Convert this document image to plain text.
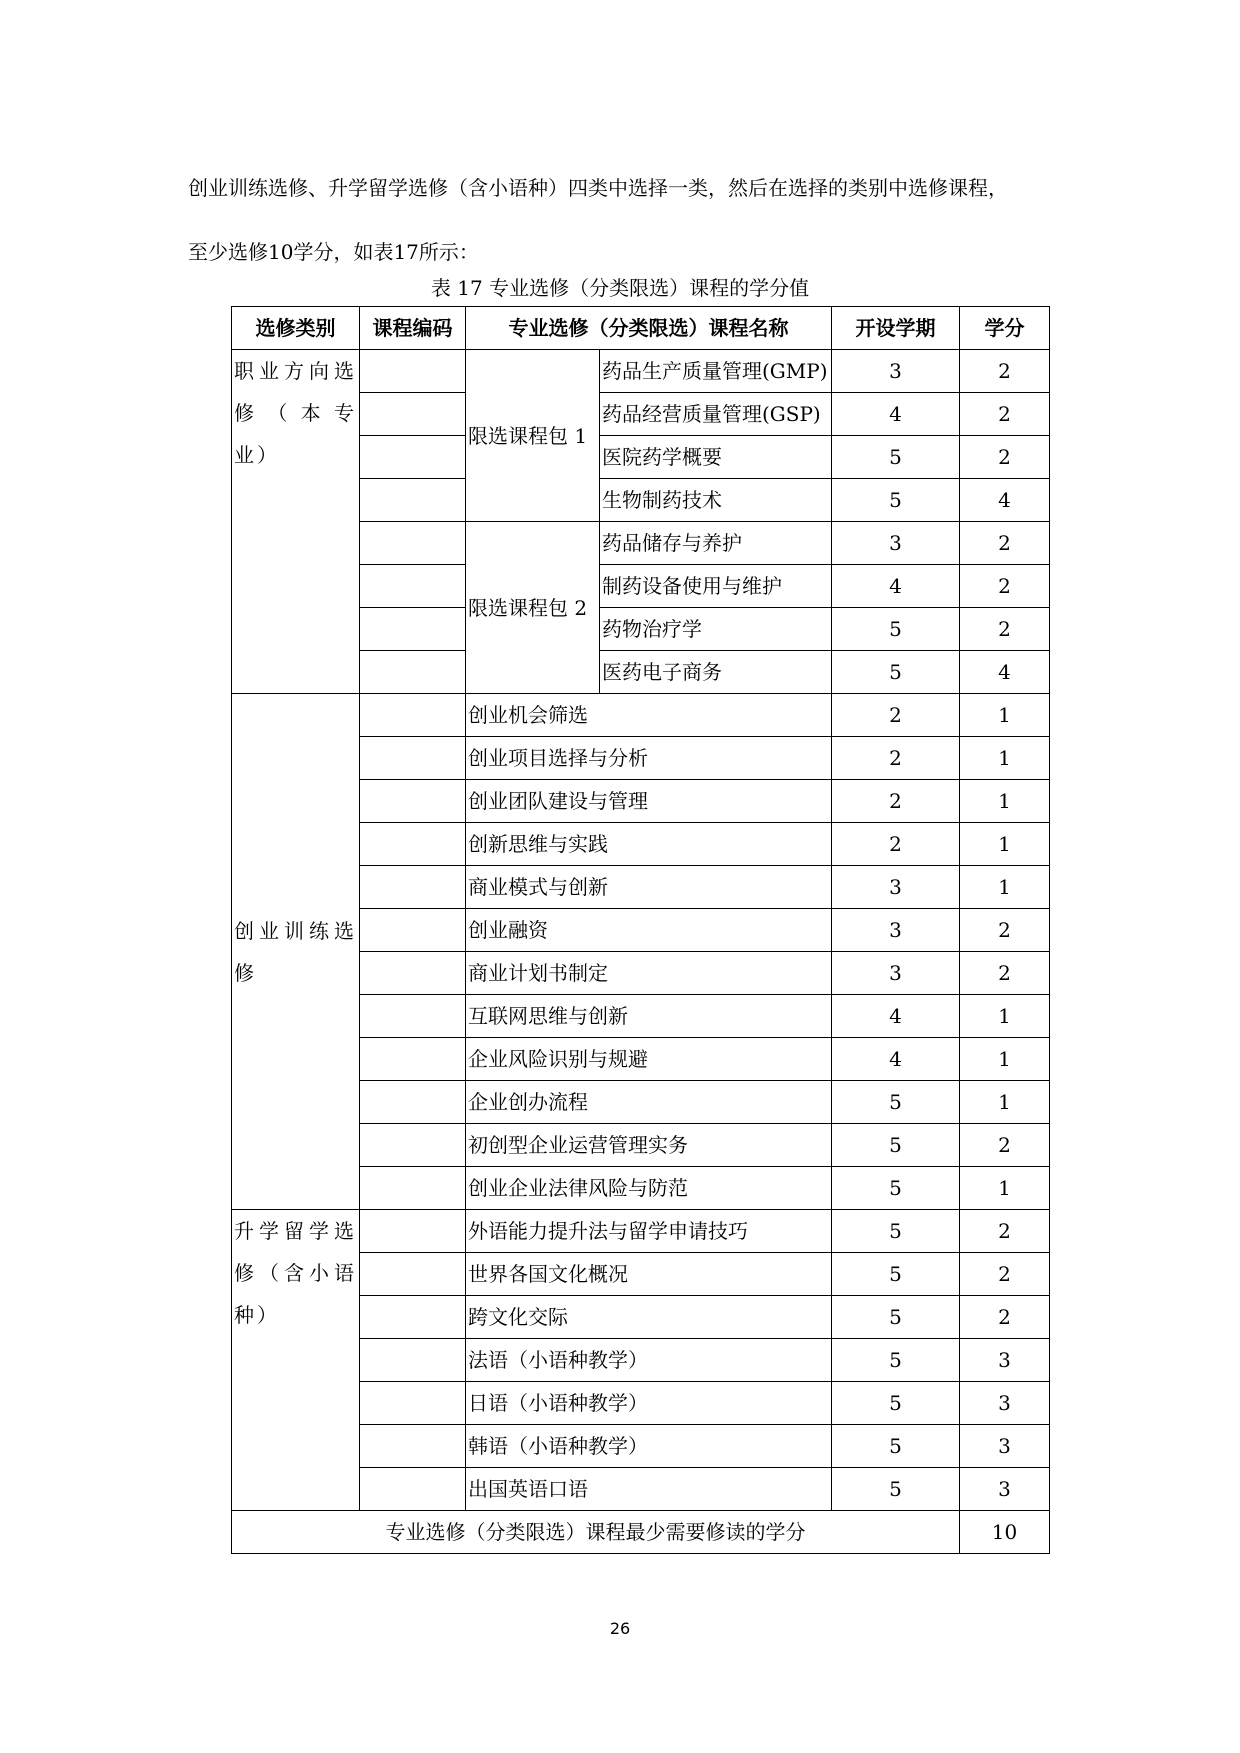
创业训练选修、升学留学选修（含小语种）四类中选择一类，然后在选择的类别中选修课程，
至少选修10学分，如表17所示：
表 17 专业选修（分类限选）课程的学分值
选修类别	课程编码	专业选修（分类限选）课程名称		开设学期	学分
职业方向选修（本专业）		限选课程包 1	药品生产质量管理(GMP)	3	2
			药品经营质量管理(GSP)	4	2
			医院药学概要	5	2
			生物制药技术	5	4
		限选课程包 2	药品储存与养护	3	2
			制药设备使用与维护	4	2
			药物治疗学	5	2
			医药电子商务	5	4
创业训练选修		创业机会筛选		2	1
		创业项目选择与分析		2	1
		创业团队建设与管理		2	1
		创新思维与实践		2	1
		商业模式与创新		3	1
		创业融资		3	2
		商业计划书制定		3	2
		互联网思维与创新		4	1
		企业风险识别与规避		4	1
		企业创办流程		5	1
		初创型企业运营管理实务		5	2
		创业企业法律风险与防范		5	1
升学留学选修（含小语种）		外语能力提升法与留学申请技巧		5	2
		世界各国文化概况		5	2
		跨文化交际		5	2
		法语（小语种教学）		5	3
		日语（小语种教学）		5	3
		韩语（小语种教学）		5	3
		出国英语口语		5	3
专业选修（分类限选）课程最少需要修读的学分					10
26
